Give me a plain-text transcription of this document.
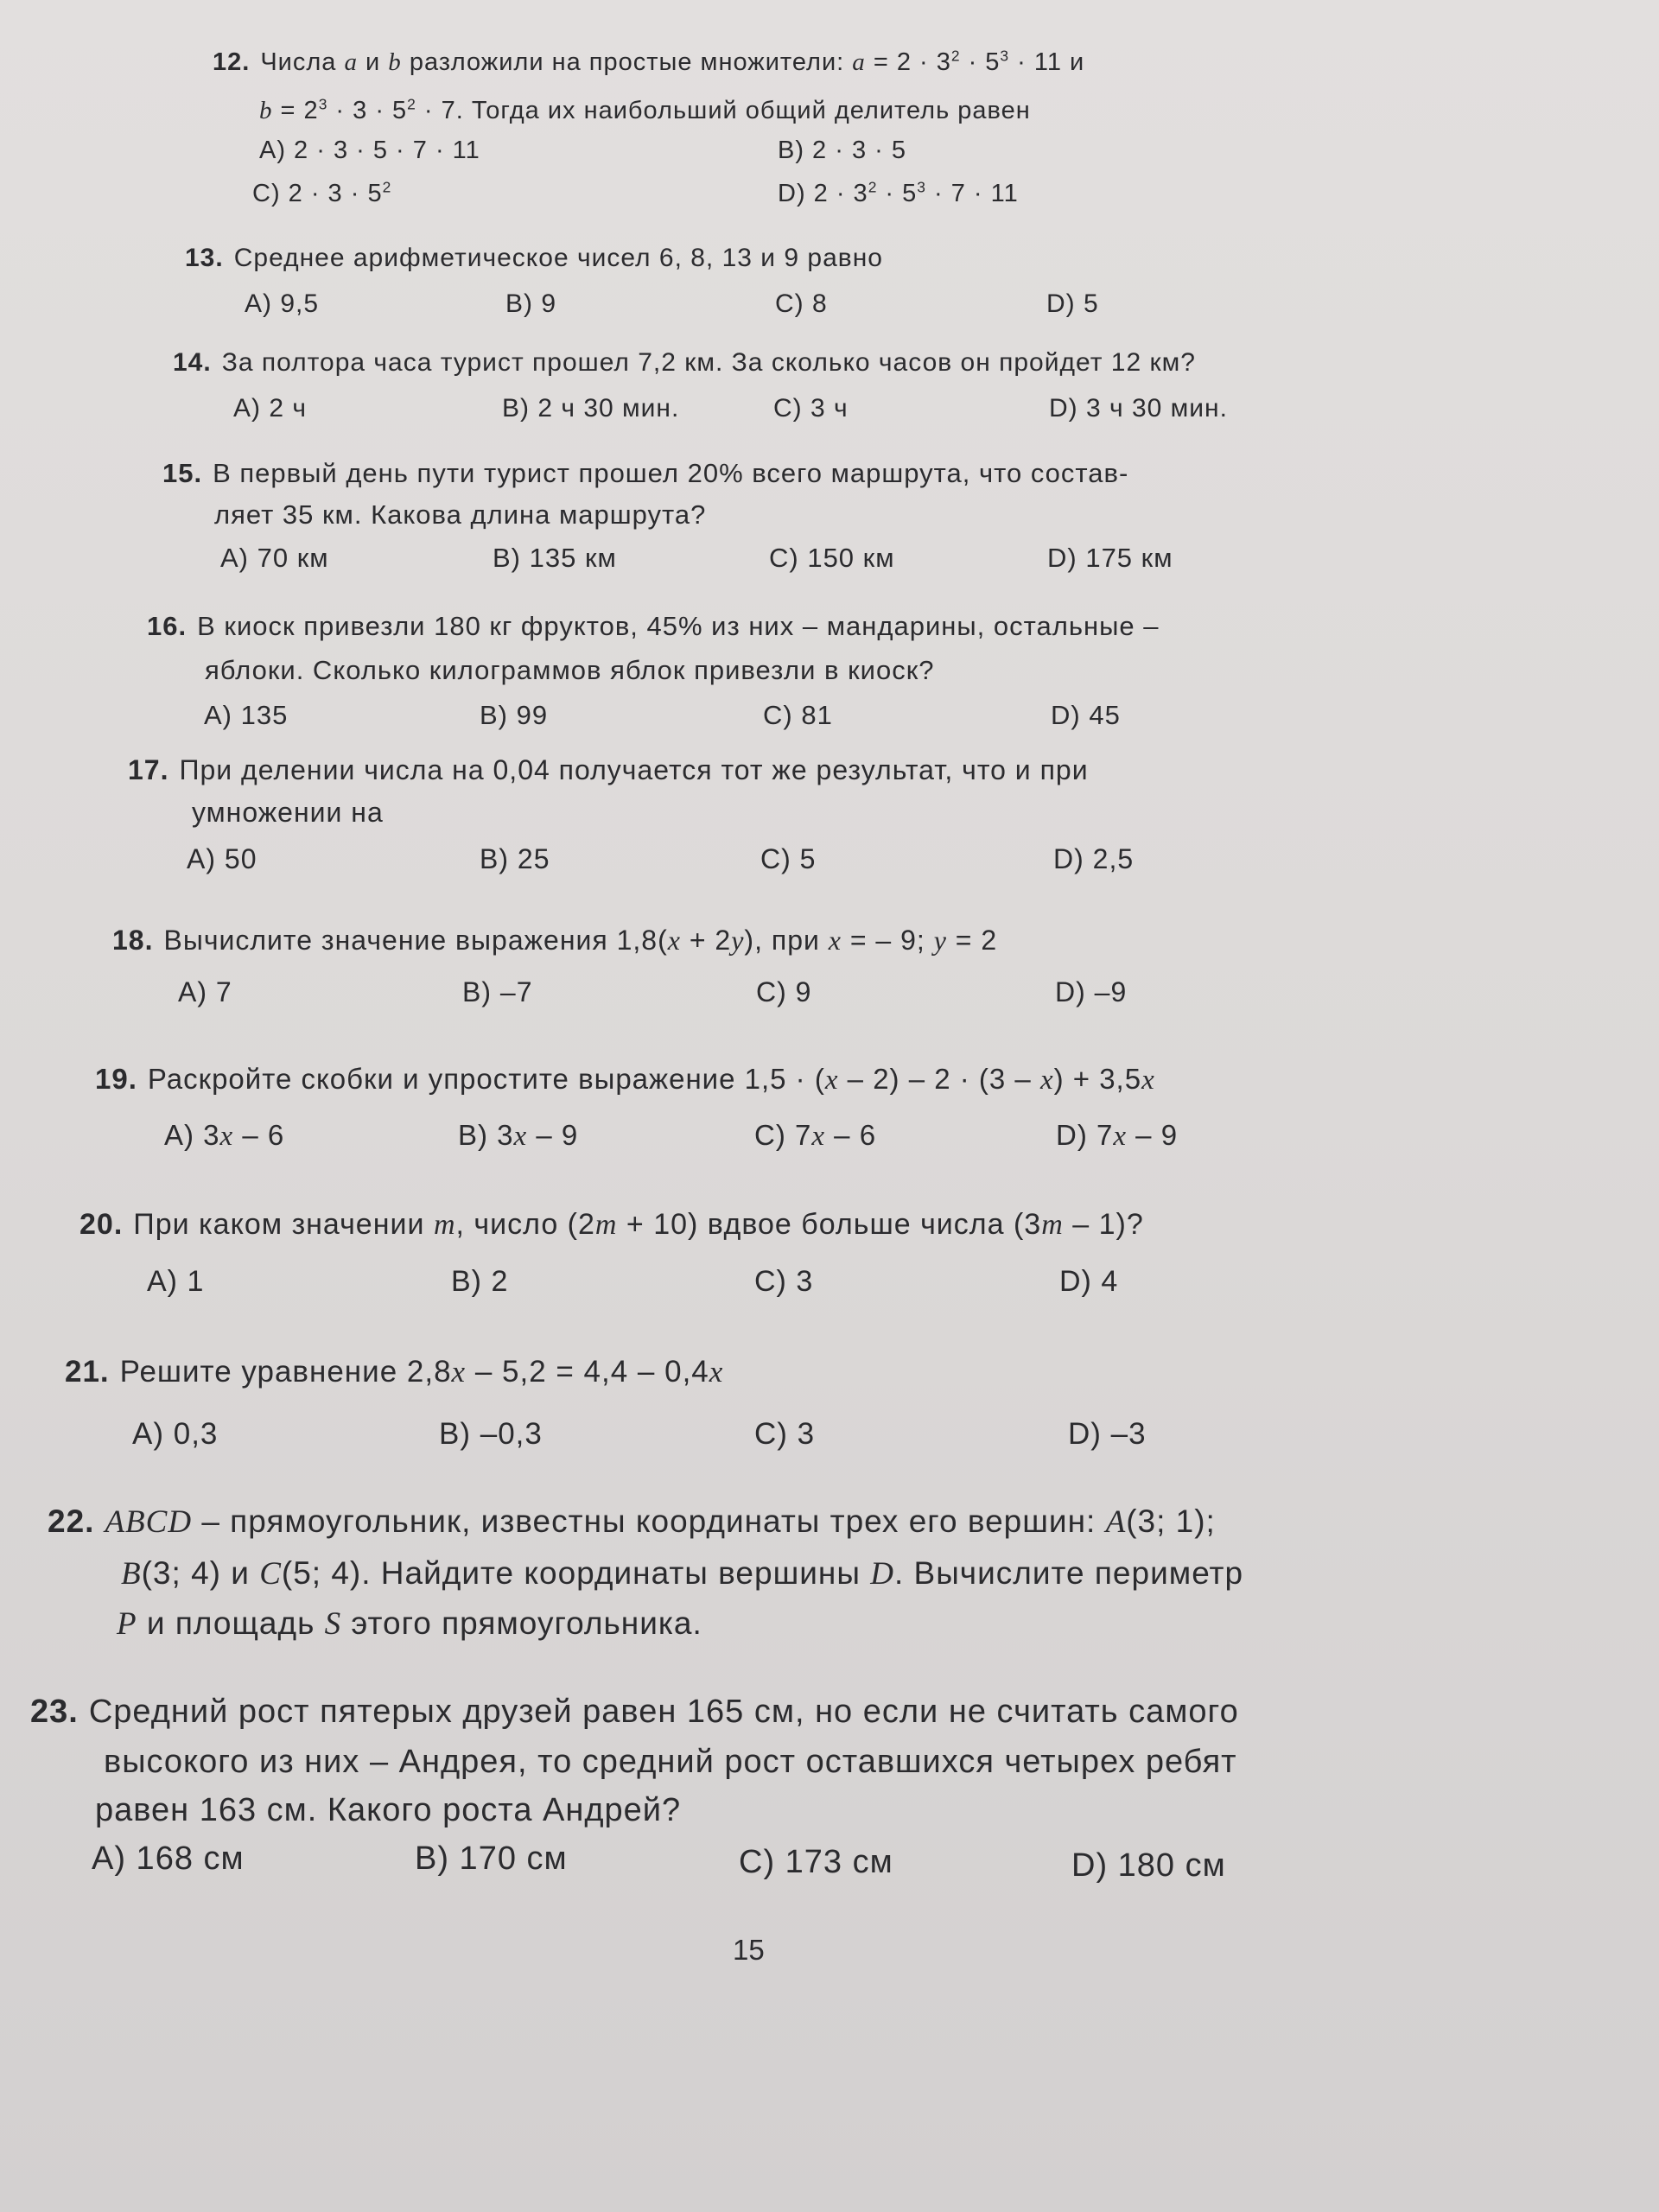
12. Числа a и b разложили на простые множители: $a = 2 \cdot 3^2 \cdot 5^3 \cdot 11$ и
$b = 2^3 \cdot 3 \cdot 5^2 \cdot 7$. Тогда их наибольший общий делитель равен
A) 2 · 3 · 5 · 7 · 11	B) 2 · 3 · 5
C) $2 \cdot 3 \cdot 5^2$	D) $2 \cdot 3^2 \cdot 5^3 \cdot 7 \cdot 11$
13. Среднее арифметическое чисел 6, 8, 13 и 9 равно
A) 9,5	B) 9	C) 8	D) 5
14. За полтора часа турист прошел 7,2 км. За сколько часов он пройдет 12 км?
A) 2 ч	B) 2 ч 30 мин.	C) 3 ч	D) 3 ч 30 мин.
15. В первый день пути турист прошел 20% всего маршрута, что состав-
ляет 35 км. Какова длина маршрута?
A) 70 км	B) 135 км	C) 150 км	D) 175 км
16. В киоск привезли 180 кг фруктов, 45% из них – мандарины, остальные –
яблоки. Сколько килограммов яблок привезли в киоск?
A) 135	B) 99	C) 81	D) 45
17. При делении числа на 0,04 получается тот же результат, что и при
умножении на
A) 50	B) 25	C) 5	D) 2,5
18. Вычислите значение выражения 1,8(x + 2y), при x = – 9; y = 2
A) 7	B) –7	C) 9	D) –9
19. Раскройте скобки и упростите выражение 1,5 · (x – 2) – 2 · (3 – x) + 3,5x
A) 3x – 6	B) 3x – 9	C) 7x – 6	D) 7x – 9
20. При каком значении m, число (2m + 10) вдвое больше числа (3m – 1)?
A) 1	B) 2	C) 3	D) 4
21. Решите уравнение 2,8x – 5,2 = 4,4 – 0,4x
A) 0,3	B) –0,3	C) 3	D) –3
22. ABCD – прямоугольник, известны координаты трех его вершин: A(3; 1);
B(3; 4) и C(5; 4). Найдите координаты вершины D. Вычислите периметр
P и площадь S этого прямоугольника.
23. Средний рост пятерых друзей равен 165 см, но если не считать самого
высокого из них – Андрея, то средний рост оставшихся четырех ребят
равен 163 см. Какого роста Андрей?
A) 168 см	B) 170 см	C) 173 см	D) 180 см
15
